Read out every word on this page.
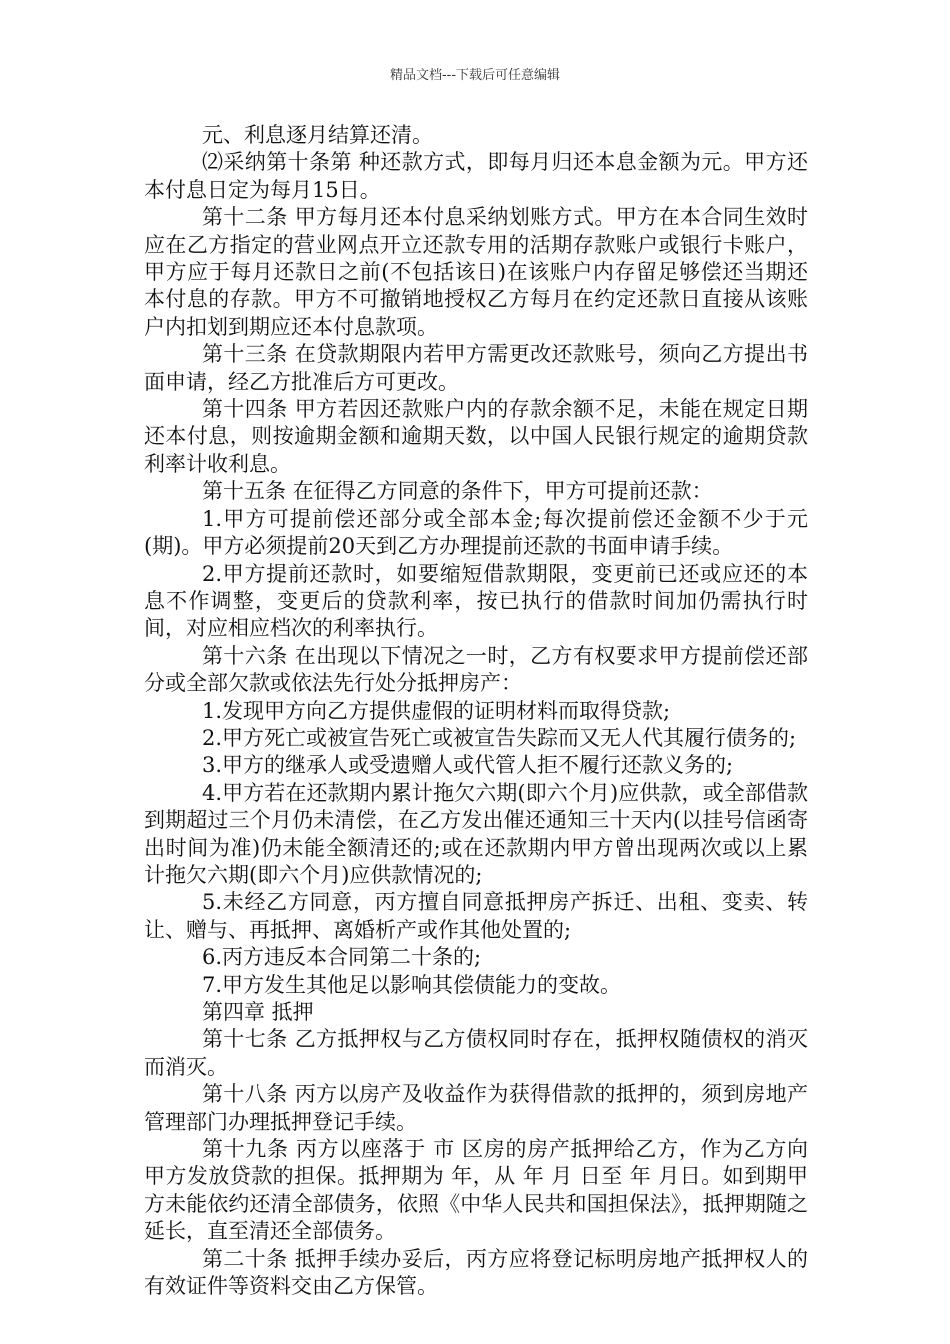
精品文档---下载后可任意编辑

元、利息逐月结算还清。

⑵采纳第十条第 种还款方式，即每月归还本息金额为元。甲方还本付息日定为每月15日。

第十二条 甲方每月还本付息采纳划账方式。甲方在本合同生效时应在乙方指定的营业网点开立还款专用的活期存款账户或银行卡账户，甲方应于每月还款日之前(不包括该日)在该账户内存留足够偿还当期还本付息的存款。甲方不可撤销地授权乙方每月在约定还款日直接从该账户内扣划到期应还本付息款项。

第十三条 在贷款期限内若甲方需更改还款账号，须向乙方提出书面申请，经乙方批准后方可更改。

第十四条 甲方若因还款账户内的存款余额不足，未能在规定日期还本付息，则按逾期金额和逾期天数，以中国人民银行规定的逾期贷款利率计收利息。

第十五条 在征得乙方同意的条件下，甲方可提前还款：

1.甲方可提前偿还部分或全部本金;每次提前偿还金额不少于元(期)。甲方必须提前20天到乙方办理提前还款的书面申请手续。

2.甲方提前还款时，如要缩短借款期限，变更前已还或应还的本息不作调整，变更后的贷款利率，按已执行的借款时间加仍需执行时间，对应相应档次的利率执行。

第十六条 在出现以下情况之一时，乙方有权要求甲方提前偿还部分或全部欠款或依法先行处分抵押房产：

1.发现甲方向乙方提供虚假的证明材料而取得贷款;

2.甲方死亡或被宣告死亡或被宣告失踪而又无人代其履行债务的;

3.甲方的继承人或受遗赠人或代管人拒不履行还款义务的;

4.甲方若在还款期内累计拖欠六期(即六个月)应供款，或全部借款到期超过三个月仍未清偿，在乙方发出催还通知三十天内(以挂号信函寄出时间为准)仍未能全额清还的;或在还款期内甲方曾出现两次或以上累计拖欠六期(即六个月)应供款情况的;

5.未经乙方同意，丙方擅自同意抵押房产拆迁、出租、变卖、转让、赠与、再抵押、离婚析产或作其他处置的;

6.丙方违反本合同第二十条的;

7.甲方发生其他足以影响其偿债能力的变故。

第四章 抵押

第十七条 乙方抵押权与乙方债权同时存在，抵押权随债权的消灭而消灭。

第十八条 丙方以房产及收益作为获得借款的抵押的，须到房地产管理部门办理抵押登记手续。

第十九条 丙方以座落于 市 区房的房产抵押给乙方，作为乙方向甲方发放贷款的担保。抵押期为 年，从 年 月 日至 年 月日。如到期甲方未能依约还清全部债务，依照《中华人民共和国担保法》，抵押期随之延长，直至清还全部债务。

第二十条 抵押手续办妥后，丙方应将登记标明房地产抵押权人的有效证件等资料交由乙方保管。
